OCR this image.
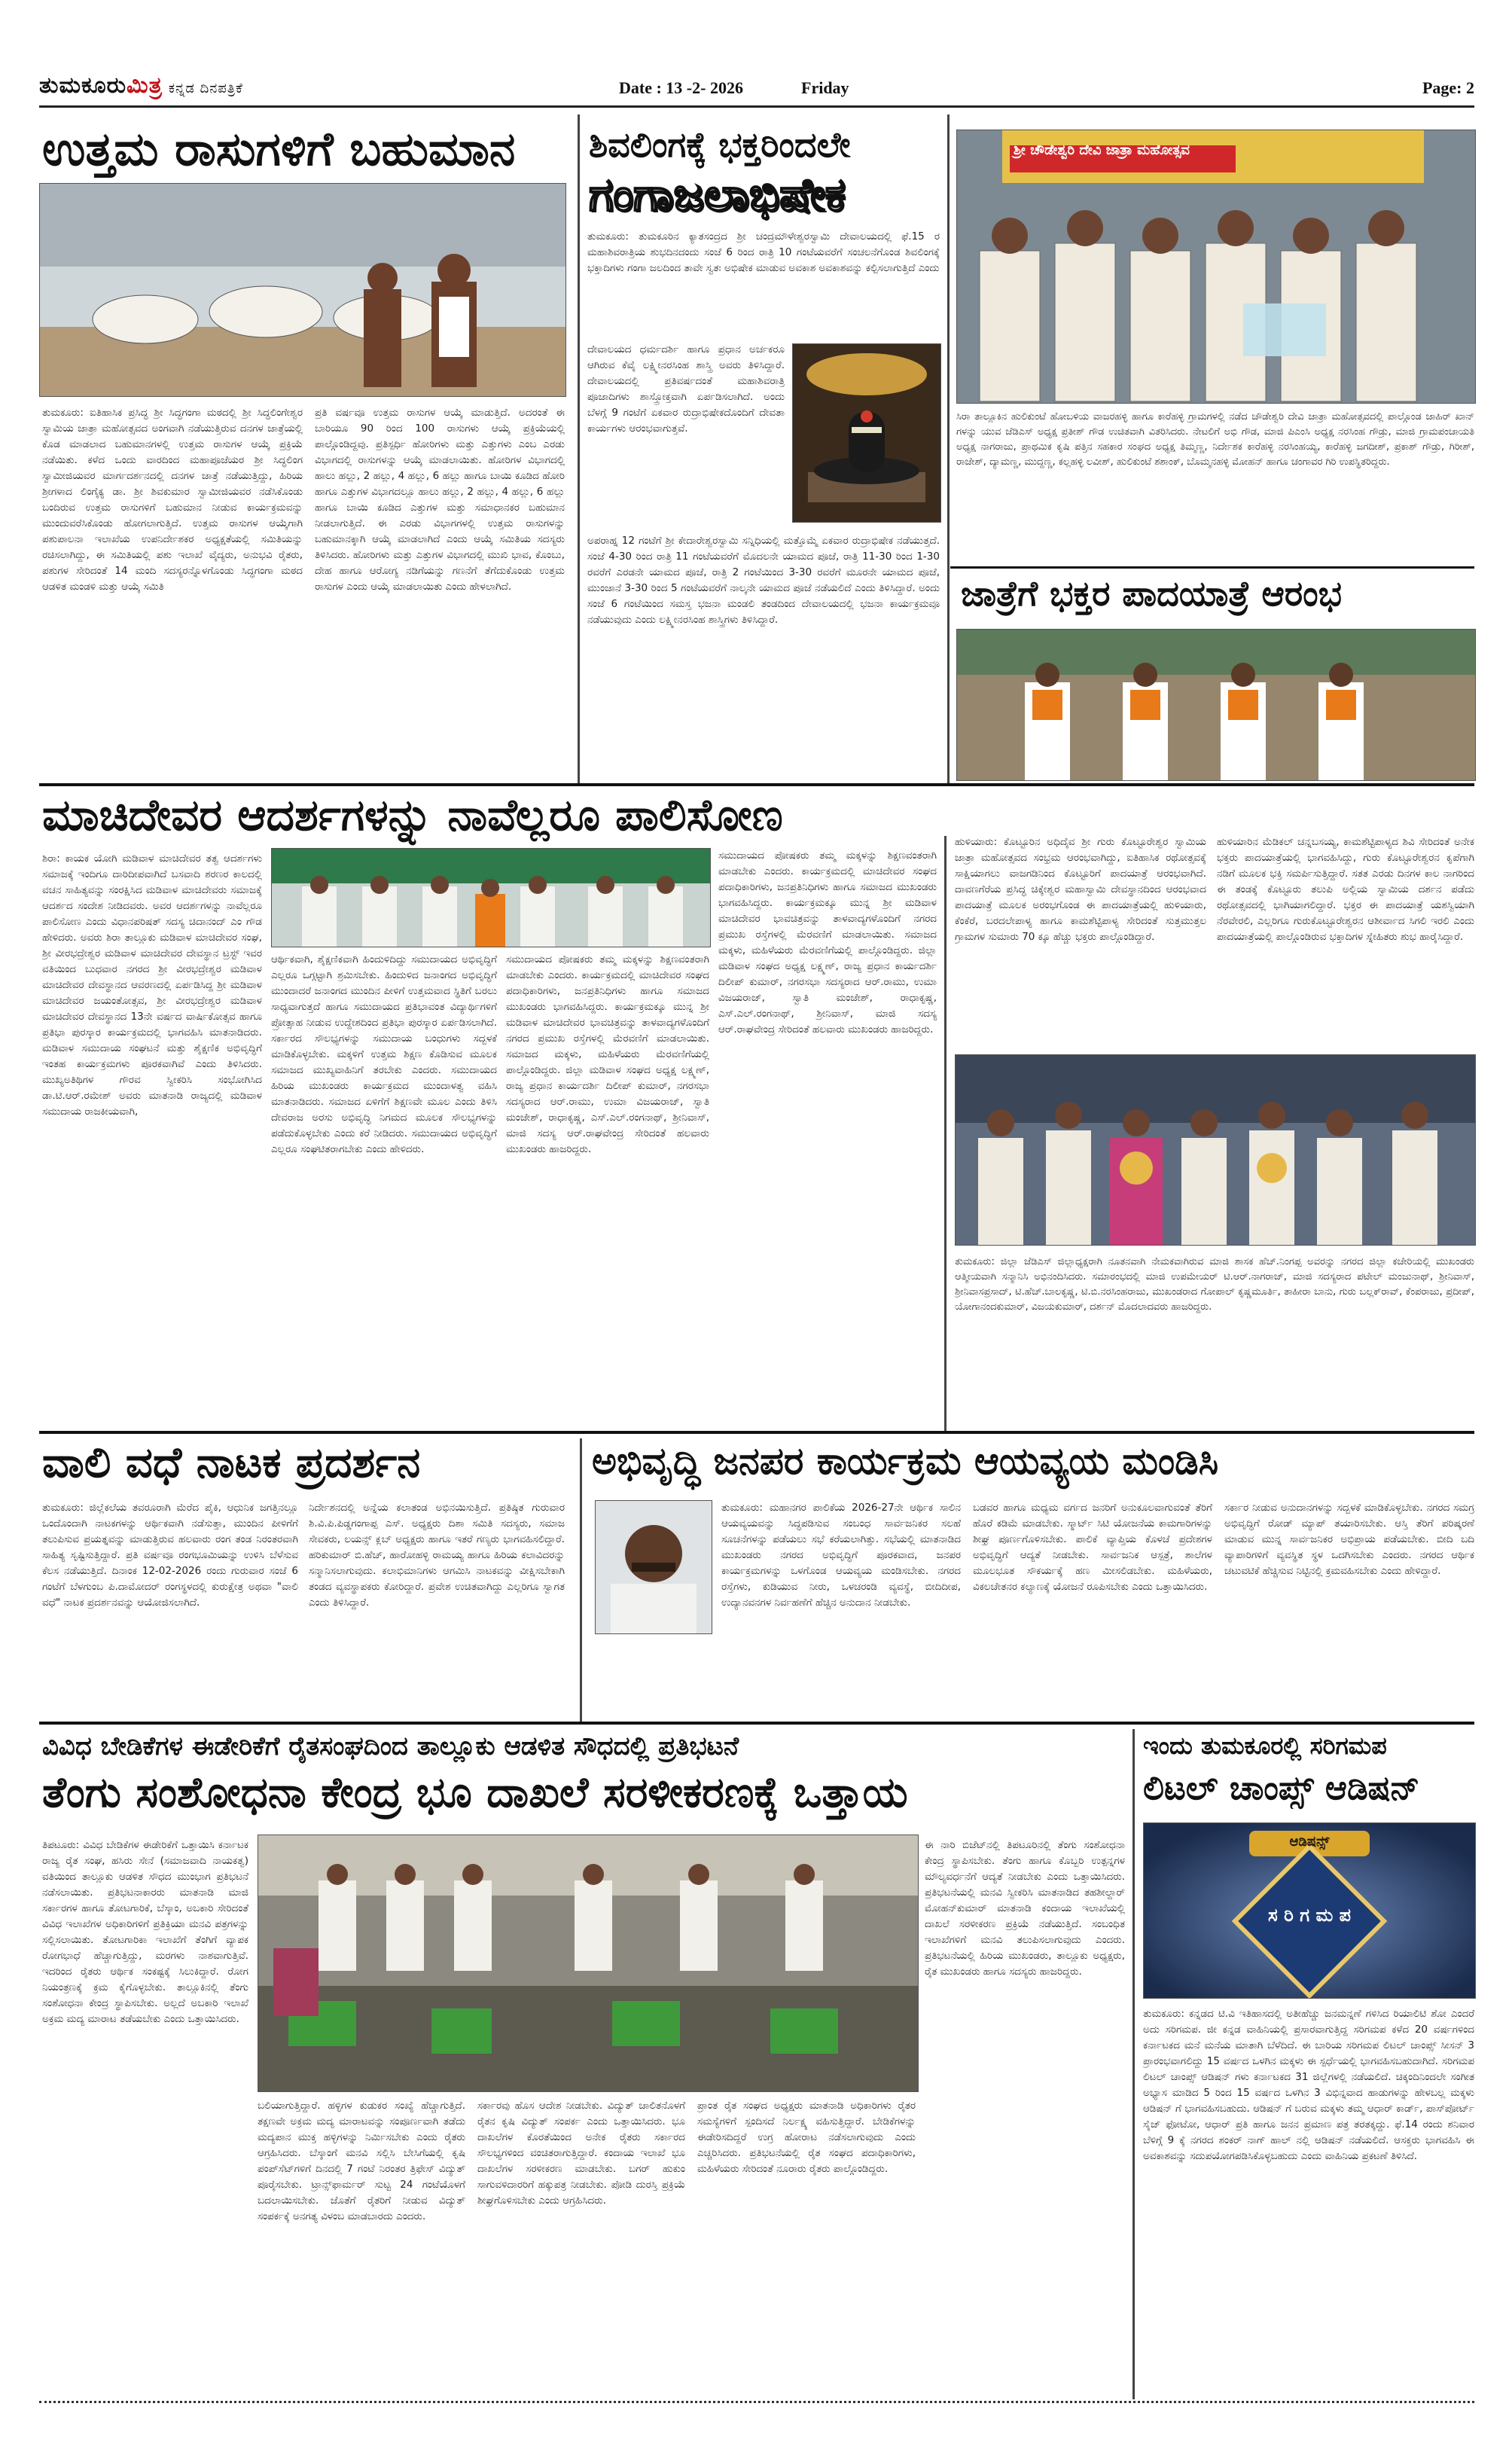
ತುಮಕೂರುಮಿತ್ರ ಕನ್ನಡ ದಿನಪತ್ರಿಕೆ	Date : 13 -2- 2026	Friday	Page: 2
ಉತ್ತಮ ರಾಸುಗಳಿಗೆ ಬಹುಮಾನ
ತುಮಕೂರು: ಐತಿಹಾಸಿಕ ಪ್ರಸಿದ್ಧ ಶ್ರೀ ಸಿದ್ಧಗಂಗಾ ಮಠದಲ್ಲಿ ಶ್ರೀ ಸಿದ್ಧಲಿಂಗೇಶ್ವರ ಸ್ವಾಮಿಯ ಜಾತ್ರಾ ಮಹೋತ್ಸವದ ಅಂಗವಾಗಿ ನಡೆಯುತ್ತಿರುವ ದನಗಳ ಜಾತ್ರೆಯಲ್ಲಿ ಕೊಡ ಮಾಡಲಾದ ಬಹುಮಾನಗಳಲ್ಲಿ ಉತ್ತಮ ರಾಸುಗಳ ಆಯ್ಕೆ ಪ್ರಕ್ರಿಯೆ ನಡೆಯಿತು. ಕಳೆದ ಒಂದು ವಾರದಿಂದ ಮಹಾಪೂಜೆಯರ ಶ್ರೀ ಸಿದ್ಧಲಿಂಗ ಸ್ವಾಮೀಜಿಯವರ ಮಾರ್ಗದರ್ಶನದಲ್ಲಿ ದನಗಳ ಜಾತ್ರೆ ನಡೆಯುತ್ತಿದ್ದು, ಹಿರಿಯ ಶ್ರೀಗಳಾದ ಲಿಂಗೈಕ್ಯ ಡಾ. ಶ್ರೀ ಶಿವಕುಮಾರ ಸ್ವಾಮೀಜಿಯವರ ನಡೆಸಿಕೊಂಡು ಬಂದಿರುವ ಉತ್ತಮ ರಾಸುಗಳಿಗೆ ಬಹುಮಾನ ನೀಡುವ ಕಾರ್ಯಕ್ರಮವನ್ನು ಮುಂದುವರೆಸಿಕೊಂಡು ಹೋಗಲಾಗುತ್ತಿದೆ. ಉತ್ತಮ ರಾಸುಗಳ ಆಯ್ಕೆಗಾಗಿ ಪಶುಪಾಲನಾ ಇಲಾಖೆಯ ಉಪನಿರ್ದೇಶಕರ ಅಧ್ಯಕ್ಷತೆಯಲ್ಲಿ ಸಮಿತಿಯನ್ನು ರಚಿಸಲಾಗಿದ್ದು, ಈ ಸಮಿತಿಯಲ್ಲಿ ಪಶು ಇಲಾಖೆ ವೈದ್ಯರು, ಅನುಭವಿ ರೈತರು, ಪಶುಗಳ ಸೇರಿದಂತೆ 14 ಮಂದಿ ಸದಸ್ಯರನ್ನೊಳಗೊಂಡು ಸಿದ್ಧಗಂಗಾ ಮಠದ ಆಡಳಿತ ಮಂಡಳಿ ಮತ್ತು ಆಯ್ಕೆ ಸಮಿತಿ
ಪ್ರತಿ ವರ್ಷವೂ ಉತ್ತಮ ರಾಸುಗಳ ಆಯ್ಕೆ ಮಾಡುತ್ತಿದೆ. ಅದರಂತೆ ಈ ಬಾರಿಯೂ 90 ರಿಂದ 100 ರಾಸುಗಳು ಆಯ್ಕೆ ಪ್ರಕ್ರಿಯೆಯಲ್ಲಿ ಪಾಲ್ಗೊಂಡಿದ್ದವು. ಪ್ರತಿಸ್ಪರ್ಧಿ ಹೋರಿಗಳು ಮತ್ತು ಎತ್ತುಗಳು ಎಂಬ ಎರಡು ವಿಭಾಗದಲ್ಲಿ ರಾಸುಗಳನ್ನು ಆಯ್ಕೆ ಮಾಡಲಾಯಿತು. ಹೋರಿಗಳ ವಿಭಾಗದಲ್ಲಿ ಹಾಲು ಹಲ್ಲು, 2 ಹಲ್ಲು, 4 ಹಲ್ಲು, 6 ಹಲ್ಲು ಹಾಗೂ ಬಾಯಿ ಕೂಡಿದ ಹೋರಿ ಹಾಗೂ ಎತ್ತುಗಳ ವಿಭಾಗದಲ್ಲೂ ಹಾಲು ಹಲ್ಲು, 2 ಹಲ್ಲು, 4 ಹಲ್ಲು, 6 ಹಲ್ಲು ಹಾಗೂ ಬಾಯಿ ಕೂಡಿದ ಎತ್ತುಗಳ ಮತ್ತು ಸಮಾಧಾನಕರ ಬಹುಮಾನ ನೀಡಲಾಗುತ್ತಿದೆ. ಈ ಎರಡು ವಿಭಾಗಗಳಲ್ಲಿ ಉತ್ತಮ ರಾಸುಗಳನ್ನು ಬಹುಮಾನಕ್ಕಾಗಿ ಆಯ್ಕೆ ಮಾಡಲಾಗಿದೆ ಎಂದು ಆಯ್ಕೆ ಸಮಿತಿಯ ಸದಸ್ಯರು ತಿಳಿಸಿದರು. ಹೋರಿಗಳು ಮತ್ತು ಎತ್ತುಗಳ ವಿಭಾಗದಲ್ಲಿ ಮುಖಿ ಭಾವ, ಕೊಂಬು, ದೇಹ ಹಾಗೂ ಆರೋಗ್ಯ ನಡಿಗೆಯನ್ನು ಗಣನೆಗೆ ತೆಗೆದುಕೊಂಡು ಉತ್ತಮ ರಾಸುಗಳ ಎಂದು ಆಯ್ಕೆ ಮಾಡಲಾಯಿತು ಎಂದು ಹೇಳಲಾಗಿದೆ.
ಶಿವಲಿಂಗಕ್ಕೆ ಭಕ್ತರಿಂದಲೇ
ಗಂಗಾಜಲಾಭಿಷೇಕ
ತುಮಕೂರು: ತುಮಕೂರಿನ ಕ್ಯಾತಸಂದ್ರದ ಶ್ರೀ ಚಂದ್ರಮೌಳೇಶ್ವರಸ್ವಾಮಿ ದೇವಾಲಯದಲ್ಲಿ ಫೆ.15 ರ ಮಹಾಶಿವರಾತ್ರಿಯ ಶುಭದಿನದಂದು ಸಂಜೆ 6 ರಿಂದ ರಾತ್ರಿ 10 ಗಂಟೆಯವರೆಗೆ ಸಂಚಲನೆಗೊಂಡ ಶಿವಲಿಂಗಕ್ಕೆ ಭಕ್ತಾದಿಗಳು ಗಂಗಾ ಜಲದಿಂದ ತಾವೇ ಸ್ವತಃ ಅಭಿಷೇಕ ಮಾಡುವ ಅವಕಾಶ ಅವಕಾಶವನ್ನು ಕಲ್ಪಿಸಲಾಗುತ್ತಿದೆ ಎಂದು
ದೇವಾಲಯದ ಧರ್ಮದರ್ಶಿ ಹಾಗೂ ಪ್ರಧಾನ ಅರ್ಚಕರೂ ಆಗಿರುವ ಕೆವೈ ಲಕ್ಷ್ಮೀನರಸಿಂಹ ಶಾಸ್ತ್ರಿ ಅವರು ತಿಳಿಸಿದ್ದಾರೆ. ದೇವಾಲಯದಲ್ಲಿ ಪ್ರತಿವರ್ಷದಂತೆ ಮಹಾಶಿವರಾತ್ರಿ ಪೂಜಾದಿಗಳು ಶಾಸ್ತ್ರೋಕ್ತವಾಗಿ ಏರ್ಪಡಿಸಲಾಗಿದೆ. ಅಂದು ಬೆಳಗ್ಗೆ 9 ಗಂಟೆಗೆ ಏಕವಾರ ರುದ್ರಾಭಿಷೇಕದೊಂದಿಗೆ ದೇವತಾ ಕಾರ್ಯಗಳು ಆರಂಭವಾಗುತ್ತವೆ.
ಅಪರಾಹ್ನ 12 ಗಂಟೆಗೆ ಶ್ರೀ ಕೇದಾರೇಶ್ವರಸ್ವಾಮಿ ಸನ್ನಿಧಿಯಲ್ಲಿ ಮತ್ತೊಮ್ಮೆ ಏಕವಾರ ರುದ್ರಾಭಿಷೇಕ ನಡೆಯುತ್ತದೆ. ಸಂಜೆ 4-30 ರಿಂದ ರಾತ್ರಿ 11 ಗಂಟೆಯವರೆಗೆ ಮೊದಲನೇ ಯಾಮದ ಪೂಜೆ, ರಾತ್ರಿ 11-30 ರಿಂದ 1-30 ರವರೆಗೆ ಎರಡನೇ ಯಾಮದ ಪೂಜೆ, ರಾತ್ರಿ 2 ಗಂಟೆಯಿಂದ 3-30 ರವರೆಗೆ ಮೂರನೇ ಯಾಮದ ಪೂಜೆ, ಮುಂಜಾನೆ 3-30 ರಿಂದ 5 ಗಂಟೆಯವರೆಗೆ ನಾಲ್ಕನೇ ಯಾಮದ ಪೂಜೆ ನಡೆಯಲಿದೆ ಎಂದು ತಿಳಿಸಿದ್ದಾರೆ. ಅಂದು ಸಂಜೆ 6 ಗಂಟೆಯಿಂದ ಸಮಸ್ತ ಭಜನಾ ಮಂಡಲಿ ತಂಡದಿಂದ ದೇವಾಲಯದಲ್ಲಿ ಭಜನಾ ಕಾರ್ಯಕ್ರಮವೂ ನಡೆಯುವುದು ಎಂದು ಲಕ್ಷ್ಮೀನರಸಿಂಹ ಶಾಸ್ತ್ರಿಗಳು ತಿಳಿಸಿದ್ದಾರೆ.
ಶ್ರೀ ಚೌಡೇಶ್ವರಿ ದೇವಿ ಜಾತ್ರಾ ಮಹೋತ್ಸವ
ಸಿರಾ ತಾಲ್ಲೂಕಿನ ಹುಲಿಕುಂಟೆ ಹೋಬಳಿಯ ವಾಜರಹಳ್ಳಿ ಹಾಗೂ ಕಾರೆಹಳ್ಳಿ ಗ್ರಾಮಗಳಲ್ಲಿ ನಡೆದ ಚೌಡೇಶ್ವರಿ ದೇವಿ ಜಾತ್ರಾ ಮಹೋತ್ಸವದಲ್ಲಿ ಪಾಲ್ಗೊಂಡ ಜಾಹಿರ್ ಖಾನ್ ಗಳನ್ನು ಯುವ ಜೆಡಿಎಸ್ ಅಧ್ಯಕ್ಷ ಪ್ರತೀಶ್ ಗೌಡ ಉಚಿತವಾಗಿ ವಿತರಿಸಿದರು. ನೇಟಲಿಗೆ ಅಭಿ ಗೌಡ, ಮಾಜಿ ಪಿಎಂಸಿ ಅಧ್ಯಕ್ಷ ನರಸಿಂಹ ಗೌಡ್ರು, ಮಾಜಿ ಗ್ರಾಮಪಂಚಾಯತಿ ಅಧ್ಯಕ್ಷ ನಾಗರಾಜು, ಪ್ರಾಥಮಿಕ ಕೃಷಿ ಪತ್ತಿನ ಸಹಕಾರ ಸಂಘದ ಅಧ್ಯಕ್ಷ ತಿಮ್ಮಣ್ಣ, ನಿರ್ದೇಶಕ ಕಾರೆಹಳ್ಳಿ ನರಸಿಂಹಯ್ಯ, ಕಾರೆಹಳ್ಳಿ ಜಗದೀಶ್, ಪ್ರಕಾಶ್ ಗೌಡ್ರು, ಗಿರೀಶ್, ರಾಜೇಶ್, ದ್ಯಾಮಣ್ಣ, ಮುದ್ದಣ್ಣ, ಕಲ್ಲಹಳ್ಳಿ ಲವೀಶ್, ಹುಲಿಕುಂಟೆ ಶಶಾಂಕ್, ಬೊಮ್ಮನಹಳ್ಳಿ ಮೋಹನ್ ಹಾಗೂ ಚಂಗಾವರ ಗಿರಿ ಉಪಸ್ಥಿತರಿದ್ದರು.
ಜಾತ್ರೆಗೆ ಭಕ್ತರ ಪಾದಯಾತ್ರೆ ಆರಂಭ
ಮಾಚಿದೇವರ ಆದರ್ಶಗಳನ್ನು ನಾವೆಲ್ಲರೂ ಪಾಲಿಸೋಣ
ಶಿರಾ: ಕಾಯಕ ಯೋಗಿ ಮಡಿವಾಳ ಮಾಚಿದೇವರ ತತ್ವ ಆದರ್ಶಗಳು ಸಮಾಜಕ್ಕೆ ಇಂದಿಗೂ ದಾರಿದೀಪವಾಗಿದೆ ಬಸವಾದಿ ಶರಣರ ಕಾಲದಲ್ಲಿ ವಚನ ಸಾಹಿತ್ಯವನ್ನು ಸಂರಕ್ಷಿಸಿದ ಮಡಿವಾಳ ಮಾಚಿದೇವರು ಸಮಾಜಕ್ಕೆ ಆದರ್ಶದ ಸಂದೇಶ ನೀಡಿದವರು. ಅವರ ಆದರ್ಶಗಳನ್ನು ನಾವೆಲ್ಲರೂ ಪಾಲಿಸೋಣ ಎಂದು ವಿಧಾನಪರಿಷತ್ ಸದಸ್ಯ ಚಿದಾನಂದ್ ಎಂ ಗೌಡ ಹೇಳಿದರು. ಅವರು ಶಿರಾ ತಾಲ್ಲೂಕು ಮಡಿವಾಳ ಮಾಚಿದೇವರ ಸಂಘ, ಶ್ರೀ ವೀರಭದ್ರೇಶ್ವರ ಮಡಿವಾಳ ಮಾಚಿದೇವರ ದೇವಸ್ಥಾನ ಟ್ರಸ್ಟ್ ಇವರ ವತಿಯಿಂದ ಬುಧವಾರ ನಗರದ ಶ್ರೀ ವೀರಭದ್ರೇಶ್ವರ ಮಡಿವಾಳ ಮಾಚಿದೇವರ ದೇವಸ್ಥಾನದ ಆವರಣದಲ್ಲಿ ಏರ್ಪಡಿಸಿದ್ದ ಶ್ರೀ ಮಡಿವಾಳ ಮಾಚಿದೇವರ ಜಯಂತೋತ್ಸವ, ಶ್ರೀ ವೀರಭದ್ರೇಶ್ವರ ಮಡಿವಾಳ ಮಾಚಿದೇವರ ದೇವಸ್ಥಾನದ 13ನೇ ವರ್ಷದ ವಾರ್ಷಿಕೋತ್ಸವ ಹಾಗೂ ಪ್ರತಿಭಾ ಪುರಸ್ಕಾರ ಕಾರ್ಯಕ್ರಮದಲ್ಲಿ ಭಾಗವಹಿಸಿ ಮಾತನಾಡಿದರು. ಮಡಿವಾಳ ಸಮುದಾಯ ಸಂಘಟನೆ ಮತ್ತು ಶೈಕ್ಷಣಿಕ ಅಭಿವೃದ್ಧಿಗೆ ಇಂತಹ ಕಾರ್ಯಕ್ರಮಗಳು ಪೂರಕವಾಗಿವೆ ಎಂದು ತಿಳಿಸಿದರು. ಮುಖ್ಯಅತಿಥಿಗಳ ಗೌರವ ಸ್ವೀಕರಿಸಿ ಸಂಭೋಗಿಸಿದ ಡಾ.ಟಿ.ಆರ್.ರಮೇಶ್ ಅವರು ಮಾತನಾಡಿ ರಾಜ್ಯದಲ್ಲಿ ಮಡಿವಾಳ ಸಮುದಾಯ ರಾಜಕೀಯವಾಗಿ,
ಆರ್ಥಿಕವಾಗಿ, ಶೈಕ್ಷಣಿಕವಾಗಿ ಹಿಂದುಳಿದಿದ್ದು ಸಮುದಾಯದ ಅಭಿವೃದ್ಧಿಗೆ ಎಲ್ಲರೂ ಒಗ್ಗಟ್ಟಾಗಿ ಶ್ರಮಿಸಬೇಕು. ಹಿಂದುಳಿದ ಜನಾಂಗದ ಅಭಿವೃದ್ಧಿಗೆ ಮುಂದಾದರೆ ಜನಾಂಗದ ಮುಂದಿನ ಪೀಳಿಗೆ ಉತ್ತಮವಾದ ಸ್ಥಿತಿಗೆ ಬರಲು ಸಾಧ್ಯವಾಗುತ್ತದೆ ಹಾಗೂ ಸಮುದಾಯದ ಪ್ರತಿಭಾವಂತ ವಿದ್ಯಾರ್ಥಿಗಳಿಗೆ ಪ್ರೋತ್ಸಾಹ ನೀಡುವ ಉದ್ದೇಶದಿಂದ ಪ್ರತಿಭಾ ಪುರಸ್ಕಾರ ಏರ್ಪಡಿಸಲಾಗಿದೆ. ಸರ್ಕಾರದ ಸೌಲಭ್ಯಗಳನ್ನು ಸಮುದಾಯ ಬಂಧುಗಳು ಸದ್ಬಳಕೆ ಮಾಡಿಕೊಳ್ಳಬೇಕು. ಮಕ್ಕಳಿಗೆ ಉತ್ತಮ ಶಿಕ್ಷಣ ಕೊಡಿಸುವ ಮೂಲಕ ಸಮಾಜದ ಮುಖ್ಯವಾಹಿನಿಗೆ ತರಬೇಕು ಎಂದರು. ಸಮುದಾಯದ ಹಿರಿಯ ಮುಖಂಡರು ಕಾರ್ಯಕ್ರಮದ ಮುಂದಾಳತ್ವ ವಹಿಸಿ ಮಾತನಾಡಿದರು. ಸಮಾಜದ ಏಳಿಗೆಗೆ ಶಿಕ್ಷಣವೇ ಮೂಲ ಎಂದು ತಿಳಿಸಿ ದೇವರಾಜ ಅರಸು ಅಭಿವೃದ್ಧಿ ನಿಗಮದ ಮೂಲಕ ಸೌಲಭ್ಯಗಳನ್ನು ಪಡೆದುಕೊಳ್ಳಬೇಕು ಎಂದು ಕರೆ ನೀಡಿದರು. ಸಮುದಾಯದ ಅಭಿವೃದ್ಧಿಗೆ ಎಲ್ಲರೂ ಸಂಘಟಿತರಾಗಬೇಕು ಎಂದು ಹೇಳಿದರು.
ಸಮುದಾಯದ ಪೋಷಕರು ತಮ್ಮ ಮಕ್ಕಳನ್ನು ಶಿಕ್ಷಣವಂತರಾಗಿ ಮಾಡಬೇಕು ಎಂದರು. ಕಾರ್ಯಕ್ರಮದಲ್ಲಿ ಮಾಚಿದೇವರ ಸಂಘದ ಪದಾಧಿಕಾರಿಗಳು, ಜನಪ್ರತಿನಿಧಿಗಳು ಹಾಗೂ ಸಮಾಜದ ಮುಖಂಡರು ಭಾಗವಹಿಸಿದ್ದರು. ಕಾರ್ಯಕ್ರಮಕ್ಕೂ ಮುನ್ನ ಶ್ರೀ ಮಡಿವಾಳ ಮಾಚಿದೇವರ ಭಾವಚಿತ್ರವನ್ನು ತಾಳವಾದ್ಯಗಳೊಂದಿಗೆ ನಗರದ ಪ್ರಮುಖ ರಸ್ತೆಗಳಲ್ಲಿ ಮೆರವಣಿಗೆ ಮಾಡಲಾಯಿತು. ಸಮಾಜದ ಮಕ್ಕಳು, ಮಹಿಳೆಯರು ಮೆರವಣಿಗೆಯಲ್ಲಿ ಪಾಲ್ಗೊಂಡಿದ್ದರು. ಜಿಲ್ಲಾ ಮಡಿವಾಳ ಸಂಘದ ಅಧ್ಯಕ್ಷ ಲಕ್ಷ್ಮಣ್, ರಾಜ್ಯ ಪ್ರಧಾನ ಕಾರ್ಯದರ್ಶಿ ದಿಲೀಪ್ ಕುಮಾರ್, ನಗರಸಭಾ ಸದಸ್ಯರಾದ ಆರ್.ರಾಮು, ಉಮಾ ವಿಜಯರಾಜ್, ಸ್ವಾತಿ ಮಂಜೇಶ್, ರಾಧಾಕೃಷ್ಣ, ಎಸ್.ಎಲ್.ರಂಗನಾಥ್, ಶ್ರೀನಿವಾಸ್, ಮಾಜಿ ಸದಸ್ಯ ಆರ್.ರಾಘವೇಂದ್ರ ಸೇರಿದಂತೆ ಹಲವಾರು ಮುಖಂಡರು ಹಾಜರಿದ್ದರು.
ಸಮುದಾಯದ ಪೋಷಕರು ತಮ್ಮ ಮಕ್ಕಳನ್ನು ಶಿಕ್ಷಣವಂತರಾಗಿ ಮಾಡಬೇಕು ಎಂದರು. ಕಾರ್ಯಕ್ರಮದಲ್ಲಿ ಮಾಚಿದೇವರ ಸಂಘದ ಪದಾಧಿಕಾರಿಗಳು, ಜನಪ್ರತಿನಿಧಿಗಳು ಹಾಗೂ ಸಮಾಜದ ಮುಖಂಡರು ಭಾಗವಹಿಸಿದ್ದರು. ಕಾರ್ಯಕ್ರಮಕ್ಕೂ ಮುನ್ನ ಶ್ರೀ ಮಡಿವಾಳ ಮಾಚಿದೇವರ ಭಾವಚಿತ್ರವನ್ನು ತಾಳವಾದ್ಯಗಳೊಂದಿಗೆ ನಗರದ ಪ್ರಮುಖ ರಸ್ತೆಗಳಲ್ಲಿ ಮೆರವಣಿಗೆ ಮಾಡಲಾಯಿತು. ಸಮಾಜದ ಮಕ್ಕಳು, ಮಹಿಳೆಯರು ಮೆರವಣಿಗೆಯಲ್ಲಿ ಪಾಲ್ಗೊಂಡಿದ್ದರು. ಜಿಲ್ಲಾ ಮಡಿವಾಳ ಸಂಘದ ಅಧ್ಯಕ್ಷ ಲಕ್ಷ್ಮಣ್, ರಾಜ್ಯ ಪ್ರಧಾನ ಕಾರ್ಯದರ್ಶಿ ದಿಲೀಪ್ ಕುಮಾರ್, ನಗರಸಭಾ ಸದಸ್ಯರಾದ ಆರ್.ರಾಮು, ಉಮಾ ವಿಜಯರಾಜ್, ಸ್ವಾತಿ ಮಂಜೇಶ್, ರಾಧಾಕೃಷ್ಣ, ಎಸ್.ಎಲ್.ರಂಗನಾಥ್, ಶ್ರೀನಿವಾಸ್, ಮಾಜಿ ಸದಸ್ಯ ಆರ್.ರಾಘವೇಂದ್ರ ಸೇರಿದಂತೆ ಹಲವಾರು ಮುಖಂಡರು ಹಾಜರಿದ್ದರು.
ಹುಳಿಯಾರು: ಕೊಟ್ಟೂರಿನ ಅಧಿದೈವ ಶ್ರೀ ಗುರು ಕೊಟ್ಟೂರೇಶ್ವರ ಸ್ವಾಮಿಯ ಜಾತ್ರಾ ಮಹೋತ್ಸವದ ಸಂಭ್ರಮ ಆರಂಭವಾಗಿದ್ದು, ಐತಿಹಾಸಿಕ ರಥೋತ್ಸವಕ್ಕೆ ಸಾಕ್ಷಿಯಾಗಲು ವಾಜಗಡಿನಿಂದ ಕೊಟ್ಟೂರಿಗೆ ಪಾದಯಾತ್ರೆ ಆರಂಭವಾಗಿದೆ. ದಾವಣಗೆರೆಯ ಪ್ರಸಿದ್ಧ ಚಿಕ್ಕೇಶ್ವರ ಮಹಾಸ್ವಾಮಿ ದೇವಸ್ಥಾನದಿಂದ ಆರಂಭವಾದ ಪಾದಯಾತ್ರೆ ಮೂಲಕ ಅರಂಭಗೊಂಡ ಈ ಪಾದಯಾತ್ರೆಯಲ್ಲಿ ಹುಳಿಯಾರು, ಕೆಂಕೆರೆ, ಬರದಲೇಪಾಳ್ಯ ಹಾಗೂ ಕಾಮಶೆಟ್ಟಿಪಾಳ್ಯ ಸೇರಿದಂತೆ ಸುತ್ತಮುತ್ತಲ ಗ್ರಾಮಗಳ ಸುಮಾರು 70 ಕ್ಕೂ ಹೆಚ್ಚು ಭಕ್ತರು ಪಾಲ್ಗೊಂಡಿದ್ದಾರೆ.
ಹುಳಿಯಾರಿನ ಮೆಡಿಕಲ್ ಚನ್ನಬಸಯ್ಯ, ಕಾಮಶೆಟ್ಟಿಪಾಳ್ಯದ ಶಿವಿ ಸೇರಿದಂತೆ ಅನೇಕ ಭಕ್ತರು ಪಾದಯಾತ್ರೆಯಲ್ಲಿ ಭಾಗವಹಿಸಿದ್ದು, ಗುರು ಕೊಟ್ಟೂರೇಶ್ವರನ ಕೃಪೆಗಾಗಿ ನಡಿಗೆ ಮೂಲಕ ಭಕ್ತಿ ಸಮರ್ಪಿಸುತ್ತಿದ್ದಾರೆ. ಸತತ ಎರಡು ದಿನಗಳ ಕಾಲ ನಾಗರಿಂದ ಈ ತಂಡಕ್ಕೆ ಕೊಟ್ಟೂರು ತಲುಪಿ ಅಲ್ಲಿಯ ಸ್ವಾಮಿಯ ದರ್ಶನ ಪಡೆದು ರಥೋತ್ಸವದಲ್ಲಿ ಭಾಗಿಯಾಗಲಿದ್ದಾರೆ. ಭಕ್ತರ ಈ ಪಾದಯಾತ್ರೆ ಯಶಸ್ವಿಯಾಗಿ ನೆರವೇರಲಿ, ಎಲ್ಲರಿಗೂ ಗುರುಕೊಟ್ಟೂರೇಶ್ವರನ ಆಶೀರ್ವಾದ ಸಿಗಲಿ ಇರಲಿ ಎಂದು ಪಾದಯಾತ್ರೆಯಲ್ಲಿ ಪಾಲ್ಗೊಂಡಿರುವ ಭಕ್ತಾದಿಗಳ ಸ್ನೇಹಿತರು ಶುಭ ಹಾರೈಸಿದ್ದಾರೆ.
ತುಮಕೂರು: ಜಿಲ್ಲಾ ಜೆಡಿಎಸ್ ಜಿಲ್ಲಾಧ್ಯಕ್ಷರಾಗಿ ನೂತನವಾಗಿ ನೇಮಕವಾಗಿರುವ ಮಾಜಿ ಶಾಸಕ ಹೆಚ್.ನಿಂಗಪ್ಪ ಅವರನ್ನು ನಗರದ ಜಿಲ್ಲಾ ಕಚೇರಿಯಲ್ಲಿ ಮುಖಂಡರು ಆತ್ಮೀಯವಾಗಿ ಸನ್ಮಾನಿಸಿ ಅಭಿನಂದಿಸಿದರು. ಸಮಾರಂಭದಲ್ಲಿ ಮಾಜಿ ಉಪಮೇಯರ್ ಟಿ.ಆರ್.ನಾಗರಾಜ್, ಮಾಜಿ ಸದಸ್ಯರಾದ ಪಟೇಲ್ ಮಂಜುನಾಥ್, ಶ್ರೀನಿವಾಸ್, ಶ್ರೀನಿವಾಸಪ್ರಸಾದ್, ಟಿ.ಹೆಚ್.ಬಾಲಕೃಷ್ಣ, ಟಿ.ಬಿ.ನರಸಿಂಹರಾಜು, ಮುಖಂಡರಾದ ಗೋಪಾಲ್ ಕೃಷ್ಣಮೂರ್ತಿ, ತಾಹೀರಾ ಬಾನು, ಗುರು ಬಲ್ಲಕ್‌ರಾವ್, ಕೆಂಪರಾಜು, ಪ್ರದೀಪ್, ಯೋಗಾನಂದಕುಮಾರ್, ವಿಜಯಕುಮಾರ್, ದರ್ಶನ್ ಮೊದಲಾದವರು ಹಾಜರಿದ್ದರು.
ವಾಲಿ ವಧೆ ನಾಟಕ ಪ್ರದರ್ಶನ
ತುಮಕೂರು: ಜಿಲ್ಲೆಕಲೆಯ ತವರೂರಾಗಿ ಮೆರೆದ ಪೈಕಿ, ಆಧುನಿಕ ಜಗತ್ತಿನಲ್ಲೂ ಒಂದೊಂದಾಗಿ ನಾಟಕಗಳನ್ನು ಆರ್ಥಿಕವಾಗಿ ನಡೆಸುತ್ತಾ, ಮುಂದಿನ ಪೀಳಿಗೆಗೆ ತಲುಪಿಸುವ ಪ್ರಯತ್ನವನ್ನು ಮಾಡುತ್ತಿರುವ ಹಲವಾರು ರಂಗ ತಂಡ ನಿರಂತರವಾಗಿ ಸಾಹಿತ್ಯ ಸೃಷ್ಟಿಸುತ್ತಿದ್ದಾರೆ. ಪ್ರತಿ ವರ್ಷವೂ ರಂಗಭೂಮಿಯನ್ನು ಉಳಿಸಿ ಬೆಳೆಸುವ ಕೆಲಸ ನಡೆಯುತ್ತಿದೆ. ದಿನಾಂಕ 12-02-2026 ರಂದು ಗುರುವಾರ ಸಂಜೆ 6 ಗಂಟೆಗೆ ಬೆಳಗುಂಬ ಪಿ.ದಾಮೋದರ್ ರಂಗಸ್ಥಳದಲ್ಲಿ ಕುರುಕ್ಷೇತ್ರ ಅಥವಾ "ವಾಲಿ ವಧೆ" ನಾಟಕ ಪ್ರದರ್ಶನವನ್ನು ಆಯೋಜಿಸಲಾಗಿದೆ.
ನಿರ್ದೇಶನದಲ್ಲಿ ಅನ್ನೆಯ ಕಲಾತಂಡ ಅಭಿನಯಿಸುತ್ತಿದೆ. ಪ್ರತಿಷ್ಠಿತ ಗುರುವಾರ ಶಿ.ವಿ.ಪಿ.ಪಿಡ್ಡಗಂಗಾಪ್ಪ ಎಸ್. ಅಧ್ಯಕ್ಷರು ದಿಶಾ ಸಮಿತಿ ಸದಸ್ಯರು, ಸಮಾಜ ಸೇವಕರು, ಲಯನ್ಸ್ ಕ್ಲಬ್ ಅಧ್ಯಕ್ಷರು ಹಾಗೂ ಇತರೆ ಗಣ್ಯರು ಭಾಗವಹಿಸಲಿದ್ದಾರೆ. ಹರಿಕುಮಾರ್ ಬಿ.ಹೆಚ್, ಹಾರೋಹಳ್ಳಿ ರಾಮಯ್ಯ ಹಾಗೂ ಹಿರಿಯ ಕಲಾವಿದರನ್ನು ಸನ್ಮಾನಿಸಲಾಗುವುದು. ಕಲಾಭಿಮಾನಿಗಳು ಆಗಮಿಸಿ ನಾಟಕವನ್ನು ವೀಕ್ಷಿಸಬೇಕಾಗಿ ತಂಡದ ವ್ಯವಸ್ಥಾಪಕರು ಕೋರಿದ್ದಾರೆ. ಪ್ರವೇಶ ಉಚಿತವಾಗಿದ್ದು ಎಲ್ಲರಿಗೂ ಸ್ವಾಗತ ಎಂದು ತಿಳಿಸಿದ್ದಾರೆ.
ಅಭಿವೃದ್ಧಿ ಜನಪರ ಕಾರ್ಯಕ್ರಮ ಆಯವ್ಯಯ ಮಂಡಿಸಿ
ತುಮಕೂರು: ಮಹಾನಗರ ಪಾಲಿಕೆಯ 2026-27ನೇ ಆರ್ಥಿಕ ಸಾಲಿನ ಆಯವ್ಯಯವನ್ನು ಸಿದ್ಧಪಡಿಸುವ ಸಂಬಂಧ ಸಾರ್ವಜನಿಕರ ಸಲಹೆ ಸೂಚನೆಗಳನ್ನು ಪಡೆಯಲು ಸಭೆ ಕರೆಯಲಾಗಿತ್ತು. ಸಭೆಯಲ್ಲಿ ಮಾತನಾಡಿದ ಮುಖಂಡರು ನಗರದ ಅಭಿವೃದ್ಧಿಗೆ ಪೂರಕವಾದ, ಜನಪರ ಕಾರ್ಯಕ್ರಮಗಳನ್ನು ಒಳಗೊಂಡ ಆಯವ್ಯಯ ಮಂಡಿಸಬೇಕು. ನಗರದ ರಸ್ತೆಗಳು, ಕುಡಿಯುವ ನೀರು, ಒಳಚರಂಡಿ ವ್ಯವಸ್ಥೆ, ಬೀದಿದೀಪ, ಉದ್ಯಾನವನಗಳ ನಿರ್ವಹಣೆಗೆ ಹೆಚ್ಚಿನ ಅನುದಾನ ನೀಡಬೇಕು.
ಬಡವರ ಹಾಗೂ ಮಧ್ಯಮ ವರ್ಗದ ಜನರಿಗೆ ಅನುಕೂಲವಾಗುವಂತೆ ತೆರಿಗೆ ಹೊರೆ ಕಡಿಮೆ ಮಾಡಬೇಕು. ಸ್ಮಾರ್ಟ್ ಸಿಟಿ ಯೋಜನೆಯ ಕಾಮಗಾರಿಗಳನ್ನು ಶೀಘ್ರ ಪೂರ್ಣಗೊಳಿಸಬೇಕು. ಪಾಲಿಕೆ ವ್ಯಾಪ್ತಿಯ ಕೊಳಚೆ ಪ್ರದೇಶಗಳ ಅಭಿವೃದ್ಧಿಗೆ ಆದ್ಯತೆ ನೀಡಬೇಕು. ಸಾರ್ವಜನಿಕ ಆಸ್ಪತ್ರೆ, ಶಾಲೆಗಳ ಮೂಲಭೂತ ಸೌಕರ್ಯಕ್ಕೆ ಹಣ ಮೀಸಲಿಡಬೇಕು. ಮಹಿಳೆಯರು, ವಿಕಲಚೇತನರ ಕಲ್ಯಾಣಕ್ಕೆ ಯೋಜನೆ ರೂಪಿಸಬೇಕು ಎಂದು ಒತ್ತಾಯಿಸಿದರು.
ಸರ್ಕಾರ ನೀಡುವ ಅನುದಾನಗಳನ್ನು ಸದ್ಬಳಕೆ ಮಾಡಿಕೊಳ್ಳಬೇಕು. ನಗರದ ಸಮಗ್ರ ಅಭಿವೃದ್ಧಿಗೆ ರೋಡ್ ಮ್ಯಾಪ್ ತಯಾರಿಸಬೇಕು. ಆಸ್ತಿ ತೆರಿಗೆ ಪರಿಷ್ಕರಣೆ ಮಾಡುವ ಮುನ್ನ ಸಾರ್ವಜನಿಕರ ಅಭಿಪ್ರಾಯ ಪಡೆಯಬೇಕು. ಬೀದಿ ಬದಿ ವ್ಯಾಪಾರಿಗಳಿಗೆ ವ್ಯವಸ್ಥಿತ ಸ್ಥಳ ಒದಗಿಸಬೇಕು ಎಂದರು. ನಗರದ ಆರ್ಥಿಕ ಚಟುವಟಿಕೆ ಹೆಚ್ಚಿಸುವ ನಿಟ್ಟಿನಲ್ಲಿ ಕ್ರಮವಹಿಸಬೇಕು ಎಂದು ಹೇಳಿದ್ದಾರೆ.
ವಿವಿಧ ಬೇಡಿಕೆಗಳ ಈಡೇರಿಕೆಗೆ ರೈತಸಂಘದಿಂದ ತಾಲ್ಲೂಕು ಆಡಳಿತ ಸೌಧದಲ್ಲಿ ಪ್ರತಿಭಟನೆ
ತೆಂಗು ಸಂಶೋಧನಾ ಕೇಂದ್ರ ಭೂ ದಾಖಲೆ ಸರಳೀಕರಣಕ್ಕೆ ಒತ್ತಾಯ
ತಿಪಟೂರು: ವಿವಿಧ ಬೇಡಿಕೆಗಳ ಈಡೇರಿಕೆಗೆ ಒತ್ತಾಯಿಸಿ ಕರ್ನಾಟಕ ರಾಜ್ಯ ರೈತ ಸಂಘ, ಹಸಿರು ಸೇನೆ (ಸಮಾಜವಾದಿ ನಾಯಕತ್ವ) ವತಿಯಿಂದ ತಾಲ್ಲೂಕು ಆಡಳಿತ ಸೌಧದ ಮುಂಭಾಗ ಪ್ರತಿಭಟನೆ ನಡೆಸಲಾಯಿತು. ಪ್ರತಿಭಟನಾಕಾರರು ಮಾತನಾಡಿ ಮಾಜಿ ಸರ್ಕಾರಗಳ ಹಾಗೂ ತೋಟಗಾರಿಕೆ, ಬೆಸ್ಕಾಂ, ಅಬಕಾರಿ ಸೇರಿದಂತೆ ವಿವಿಧ ಇಲಾಖೆಗಳ ಅಧಿಕಾರಿಗಳಿಗೆ ಪ್ರತಿಕ್ರಿಯಾ ಮನವಿ ಪತ್ರಗಳನ್ನು ಸಲ್ಲಿಸಲಾಯಿತು. ತೋಟಗಾರಿಕಾ ಇಲಾಖೆಗೆ ತೆಂಗಿಗೆ ವ್ಯಾಪಕ ರೋಗಭಾಧೆ ಹೆಚ್ಚಾಗುತ್ತಿದ್ದು, ಮರಗಳು ನಾಶವಾಗುತ್ತಿವೆ. ಇದರಿಂದ ರೈತರು ಆರ್ಥಿಕ ಸಂಕಷ್ಟಕ್ಕೆ ಸಿಲುಕಿದ್ದಾರೆ. ರೋಗ ನಿಯಂತ್ರಣಕ್ಕೆ ಕ್ರಮ ಕೈಗೊಳ್ಳಬೇಕು. ತಾಲ್ಲೂಕಿನಲ್ಲಿ ತೆಂಗು ಸಂಶೋಧನಾ ಕೇಂದ್ರ ಸ್ಥಾಪಿಸಬೇಕು. ಅಲ್ಲದೆ ಅಬಕಾರಿ ಇಲಾಖೆ ಅಕ್ರಮ ಮದ್ಯ ಮಾರಾಟ ತಡೆಯಬೇಕು ಎಂದು ಒತ್ತಾಯಿಸಿದರು.
ಬಲಿಯಾಗುತ್ತಿದ್ದಾರೆ. ಹಳ್ಳಿಗಳ ಕುಡುಕರ ಸಂಖ್ಯೆ ಹೆಚ್ಚಾಗುತ್ತಿದೆ. ತಕ್ಷಣವೇ ಅಕ್ರಮ ಮದ್ಯ ಮಾರಾಟವನ್ನು ಸಂಪೂರ್ಣವಾಗಿ ತಡೆದು ಮದ್ಯಪಾನ ಮುಕ್ತ ಹಳ್ಳಿಗಳನ್ನು ನಿರ್ಮಿಸಬೇಕು ಎಂದು ರೈತರು ಆಗ್ರಹಿಸಿದರು. ಬೆಸ್ಕಾಂಗೆ ಮನವಿ ಸಲ್ಲಿಸಿ ಬೇಸಿಗೆಯಲ್ಲಿ ಕೃಷಿ ಪಂಪ್‌ಸೆಟ್‌ಗಳಿಗೆ ದಿನದಲ್ಲಿ 7 ಗಂಟೆ ನಿರಂತರ ತ್ರಿಫೇಸ್ ವಿದ್ಯುತ್ ಪೂರೈಸಬೇಕು. ಟ್ರಾನ್ಸ್‌ಫಾರ್ಮರ್ ಸುಟ್ಟ 24 ಗಂಟೆಯೊಳಗೆ ಬದಲಾಯಿಸಬೇಕು. ಜೊತೆಗೆ ರೈತರಿಗೆ ನೀಡುವ ವಿದ್ಯುತ್ ಸಂಪರ್ಕಕ್ಕೆ ಅನಗತ್ಯ ವಿಳಂಬ ಮಾಡಬಾರದು ಎಂದರು.
ಸರ್ಕಾರವು ಹೊಸ ಆದೇಶ ನೀಡಬೇಕು. ವಿದ್ಯುತ್ ಚಾಲಿತನೊಳಗೆ ರೈತನ ಕೃಷಿ ವಿದ್ಯುತ್ ಸಂಪರ್ಕ ಎಂದು ಒತ್ತಾಯಿಸಿದರು. ಭೂ ದಾಖಲೆಗಳ ಕೊರತೆಯಿಂದ ಅನೇಕ ರೈತರು ಸರ್ಕಾರದ ಸೌಲಭ್ಯಗಳಿಂದ ವಂಚಿತರಾಗುತ್ತಿದ್ದಾರೆ. ಕಂದಾಯ ಇಲಾಖೆ ಭೂ ದಾಖಲೆಗಳ ಸರಳೀಕರಣ ಮಾಡಬೇಕು. ಬಗರ್ ಹುಕುಂ ಸಾಗುವಳಿದಾರರಿಗೆ ಹಕ್ಕುಪತ್ರ ನೀಡಬೇಕು. ಪೋಡಿ ದುರಸ್ತಿ ಪ್ರಕ್ರಿಯೆ ಶೀಘ್ರಗೊಳಿಸಬೇಕು ಎಂದು ಆಗ್ರಹಿಸಿದರು.
ಪ್ರಾಂತ ರೈತ ಸಂಘದ ಅಧ್ಯಕ್ಷರು ಮಾತನಾಡಿ ಅಧಿಕಾರಿಗಳು ರೈತರ ಸಮಸ್ಯೆಗಳಿಗೆ ಸ್ಪಂದಿಸದೆ ನಿರ್ಲಕ್ಷ್ಯ ವಹಿಸುತ್ತಿದ್ದಾರೆ. ಬೇಡಿಕೆಗಳನ್ನು ಈಡೇರಿಸದಿದ್ದರೆ ಉಗ್ರ ಹೋರಾಟ ನಡೆಸಲಾಗುವುದು ಎಂದು ಎಚ್ಚರಿಸಿದರು. ಪ್ರತಿಭಟನೆಯಲ್ಲಿ ರೈತ ಸಂಘದ ಪದಾಧಿಕಾರಿಗಳು, ಮಹಿಳೆಯರು ಸೇರಿದಂತೆ ನೂರಾರು ರೈತರು ಪಾಲ್ಗೊಂಡಿದ್ದರು.
ಈ ನಾರಿ ಬಿಜೆಟ್‌ನಲ್ಲಿ ತಿಪಟೂರಿನಲ್ಲಿ ತೆಂಗು ಸಂಶೋಧನಾ ಕೇಂದ್ರ ಸ್ಥಾಪಿಸಬೇಕು. ತೆಂಗು ಹಾಗೂ ಕೊಬ್ಬರಿ ಉತ್ಪನ್ನಗಳ ಮೌಲ್ಯವರ್ಧನೆಗೆ ಆದ್ಯತೆ ನೀಡಬೇಕು ಎಂದು ಒತ್ತಾಯಿಸಿದರು. ಪ್ರತಿಭಟನೆಯಲ್ಲಿ ಮನವಿ ಸ್ವೀಕರಿಸಿ ಮಾತನಾಡಿದ ತಹಶೀಲ್ದಾರ್ ಮೋಹನ್‌ಕುಮಾರ್ ಮಾತನಾಡಿ ಕಂದಾಯ ಇಲಾಖೆಯಲ್ಲಿ ದಾಖಲೆ ಸರಳೀಕರಣ ಪ್ರಕ್ರಿಯೆ ನಡೆಯುತ್ತಿದೆ. ಸಂಬಂಧಿತ ಇಲಾಖೆಗಳಿಗೆ ಮನವಿ ತಲುಪಿಸಲಾಗುವುದು ಎಂದರು. ಪ್ರತಿಭಟನೆಯಲ್ಲಿ ಹಿರಿಯ ಮುಖಂಡರು, ತಾಲ್ಲೂಕು ಅಧ್ಯಕ್ಷರು, ರೈತ ಮುಖಂಡರು ಹಾಗೂ ಸದಸ್ಯರು ಹಾಜರಿದ್ದರು.
ಇಂದು ತುಮಕೂರಲ್ಲಿ ಸರಿಗಮಪ
ಲಿಟಲ್ ಚಾಂಪ್ಸ್ ಆಡಿಷನ್
ಆಡಿಷನ್ಸ್
ಸ ರಿ ಗ ಮ ಪ
ತುಮಕೂರು: ಕನ್ನಡದ ಟಿ.ವಿ ಇತಿಹಾಸದಲ್ಲಿ ಅತೀಹೆಚ್ಚು ಜನಮನ್ನಣೆ ಗಳಿಸಿದ ರಿಯಾಲಿಟಿ ಶೋ ಎಂದರೆ ಅದು ಸರಿಗಮಪ. ಜೀ ಕನ್ನಡ ವಾಹಿನಿಯಲ್ಲಿ ಪ್ರಸಾರವಾಗುತ್ತಿದ್ದ ಸರಿಗಮಪ ಕಳೆದ 20 ವರ್ಷಗಳಿಂದ ಕರ್ನಾಟಕದ ಮನೆ ಮನೆಯ ಮಾತಾಗಿ ಬೆಳೆದಿದೆ. ಈ ಬಾರಿಯ ಸರಿಗಮಪ ಲಿಟಲ್ ಚಾಂಪ್ಸ್ ಸೀಸನ್ 3 ಪ್ರಾರಂಭವಾಗಲಿದ್ದು 15 ವರ್ಷದ ಒಳಗಿನ ಮಕ್ಕಳು ಈ ಸ್ಪರ್ಧೆಯಲ್ಲಿ ಭಾಗವಹಿಸಬಹುದಾಗಿದೆ. ಸರಿಗಮಪ ಲಿಟಲ್ ಚಾಂಪ್ಸ್ ಆಡಿಷನ್ ಗಳು ಕರ್ನಾಟಕದ 31 ಜಿಲ್ಲೆಗಳಲ್ಲಿ ನಡೆಯಲಿದೆ. ಚಿಕ್ಕಂದಿನಿಂದಲೇ ಸಂಗೀತ ಅಭ್ಯಾಸ ಮಾಡಿದ 5 ರಿಂದ 15 ವರ್ಷದ ಒಳಗಿನ 3 ವಿಭಿನ್ನವಾದ ಹಾಡುಗಳನ್ನು ಹೇಳಬಲ್ಲ ಮಕ್ಕಳು ಆಡಿಷನ್ ಗೆ ಭಾಗವಹಿಸಬಹುದು. ಆಡಿಷನ್ ಗೆ ಬರುವ ಮಕ್ಕಳು ತಮ್ಮ ಆಧಾರ್ ಕಾರ್ಡ್, ಪಾಸ್‌ಪೋರ್ಟ್ ಸೈಜ್ ಫೋಟೋ, ಆಧಾರ್ ಪ್ರತಿ ಹಾಗೂ ಜನನ ಪ್ರಮಾಣ ಪತ್ರ ತರತಕ್ಕದ್ದು. ಫೆ.14 ರಂದು ಶನಿವಾರ ಬೆಳಿಗ್ಗೆ 9 ಕ್ಕೆ ನಗರದ ಶಂಕರ್ ನಾಗ್ ಹಾಲ್ ನಲ್ಲಿ ಆಡಿಷನ್ ನಡೆಯಲಿದೆ. ಆಸಕ್ತರು ಭಾಗವಹಿಸಿ ಈ ಅವಕಾಶವನ್ನು ಸದುಪಯೋಗಪಡಿಸಿಕೊಳ್ಳಬಹುದು ಎಂದು ವಾಹಿನಿಯ ಪ್ರಕಟಣೆ ತಿಳಿಸಿದೆ.
